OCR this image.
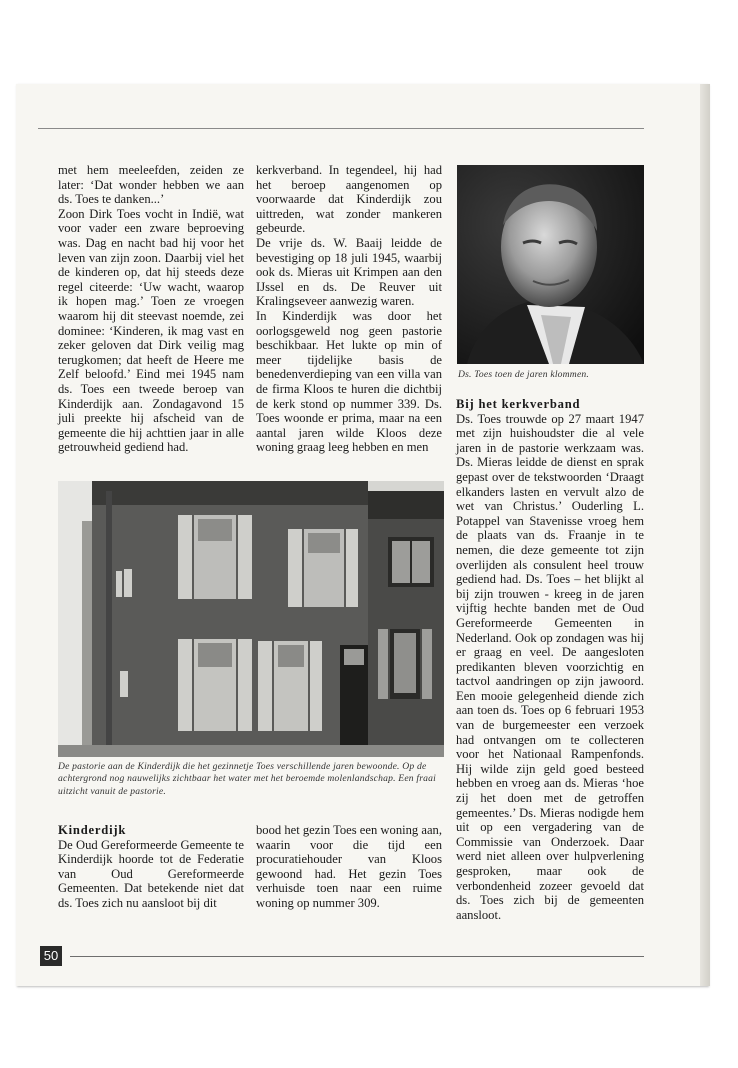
met hem meeleefden, zeiden ze later: ‘Dat wonder hebben we aan ds. Toes te danken...’

Zoon Dirk Toes vocht in Indië, wat voor vader een zware beproeving was. Dag en nacht bad hij voor het leven van zijn zoon. Daarbij viel het de kinderen op, dat hij steeds deze regel citeerde: ‘Uw wacht, waarop ik hopen mag.’ Toen ze vroegen waarom hij dit steevast noemde, zei dominee: ‘Kinderen, ik mag vast en zeker geloven dat Dirk veilig mag terugkomen; dat heeft de Heere me Zelf beloofd.’ Eind mei 1945 nam ds. Toes een tweede beroep van Kinderdijk aan. Zondagavond 15 juli preekte hij afscheid van de gemeente die hij achttien jaar in alle getrouwheid gediend had.

kerkverband. In tegendeel, hij had het beroep aangenomen op voorwaarde dat Kinderdijk zou uittreden, wat zonder mankeren gebeurde.

De vrije ds. W. Baaij leidde de bevestiging op 18 juli 1945, waarbij ook ds. Mieras uit Krimpen aan den IJssel en ds. De Reuver uit Kralingseveer aanwezig waren.

In Kinderdijk was door het oorlogsgeweld nog geen pastorie beschikbaar. Het lukte op min of meer tijdelijke basis de benedenverdieping van een villa van de firma Kloos te huren die dichtbij de kerk stond op nummer 339. Ds. Toes woonde er prima, maar na een aantal jaren wilde Kloos deze woning graag leeg hebben en men

Ds. Toes toen de jaren klommen.

Bij het kerkverband

Ds. Toes trouwde op 27 maart 1947 met zijn huishoudster die al vele jaren in de pastorie werkzaam was. Ds. Mieras leidde de dienst en sprak gepast over de tekstwoorden ‘Draagt elkanders lasten en vervult alzo de wet van Christus.’ Ouderling L. Potappel van Stavenisse vroeg hem de plaats van ds. Fraanje in te nemen, die deze gemeente tot zijn overlijden als consulent heel trouw gediend had. Ds. Toes – het blijkt al bij zijn trouwen - kreeg in de jaren vijftig hechte banden met de Oud Gereformeerde Gemeenten in Nederland. Ook op zondagen was hij er graag en veel. De aangesloten predikanten bleven voorzichtig en tactvol aandringen op zijn jawoord. Een mooie gelegenheid diende zich aan toen ds. Toes op 6 februari 1953 van de burgemeester een verzoek had ontvangen om te collecteren voor het Nationaal Rampenfonds. Hij wilde zijn geld goed besteed hebben en vroeg aan ds. Mieras ‘hoe zij het doen met de getroffen gemeentes.’ Ds. Mieras nodigde hem uit op een vergadering van de Commissie van Onderzoek. Daar werd niet alleen over hulpverlening gesproken, maar ook de verbondenheid zozeer gevoeld dat ds. Toes zich bij de gemeenten aansloot.

De pastorie aan de Kinderdijk die het gezinnetje Toes verschillende jaren bewoonde. Op de achtergrond nog nauwelijks zichtbaar het water met het beroemde molenlandschap. Een fraai uitzicht vanuit de pastorie.

Kinderdijk

De Oud Gereformeerde Gemeente te Kinderdijk hoorde tot de Federatie van Oud Gereformeerde Gemeenten. Dat betekende niet dat ds. Toes zich nu aansloot bij dit

bood het gezin Toes een woning aan, waarin voor die tijd een procuratiehouder van Kloos gewoond had. Het gezin Toes verhuisde toen naar een ruime woning op nummer 309.

50
